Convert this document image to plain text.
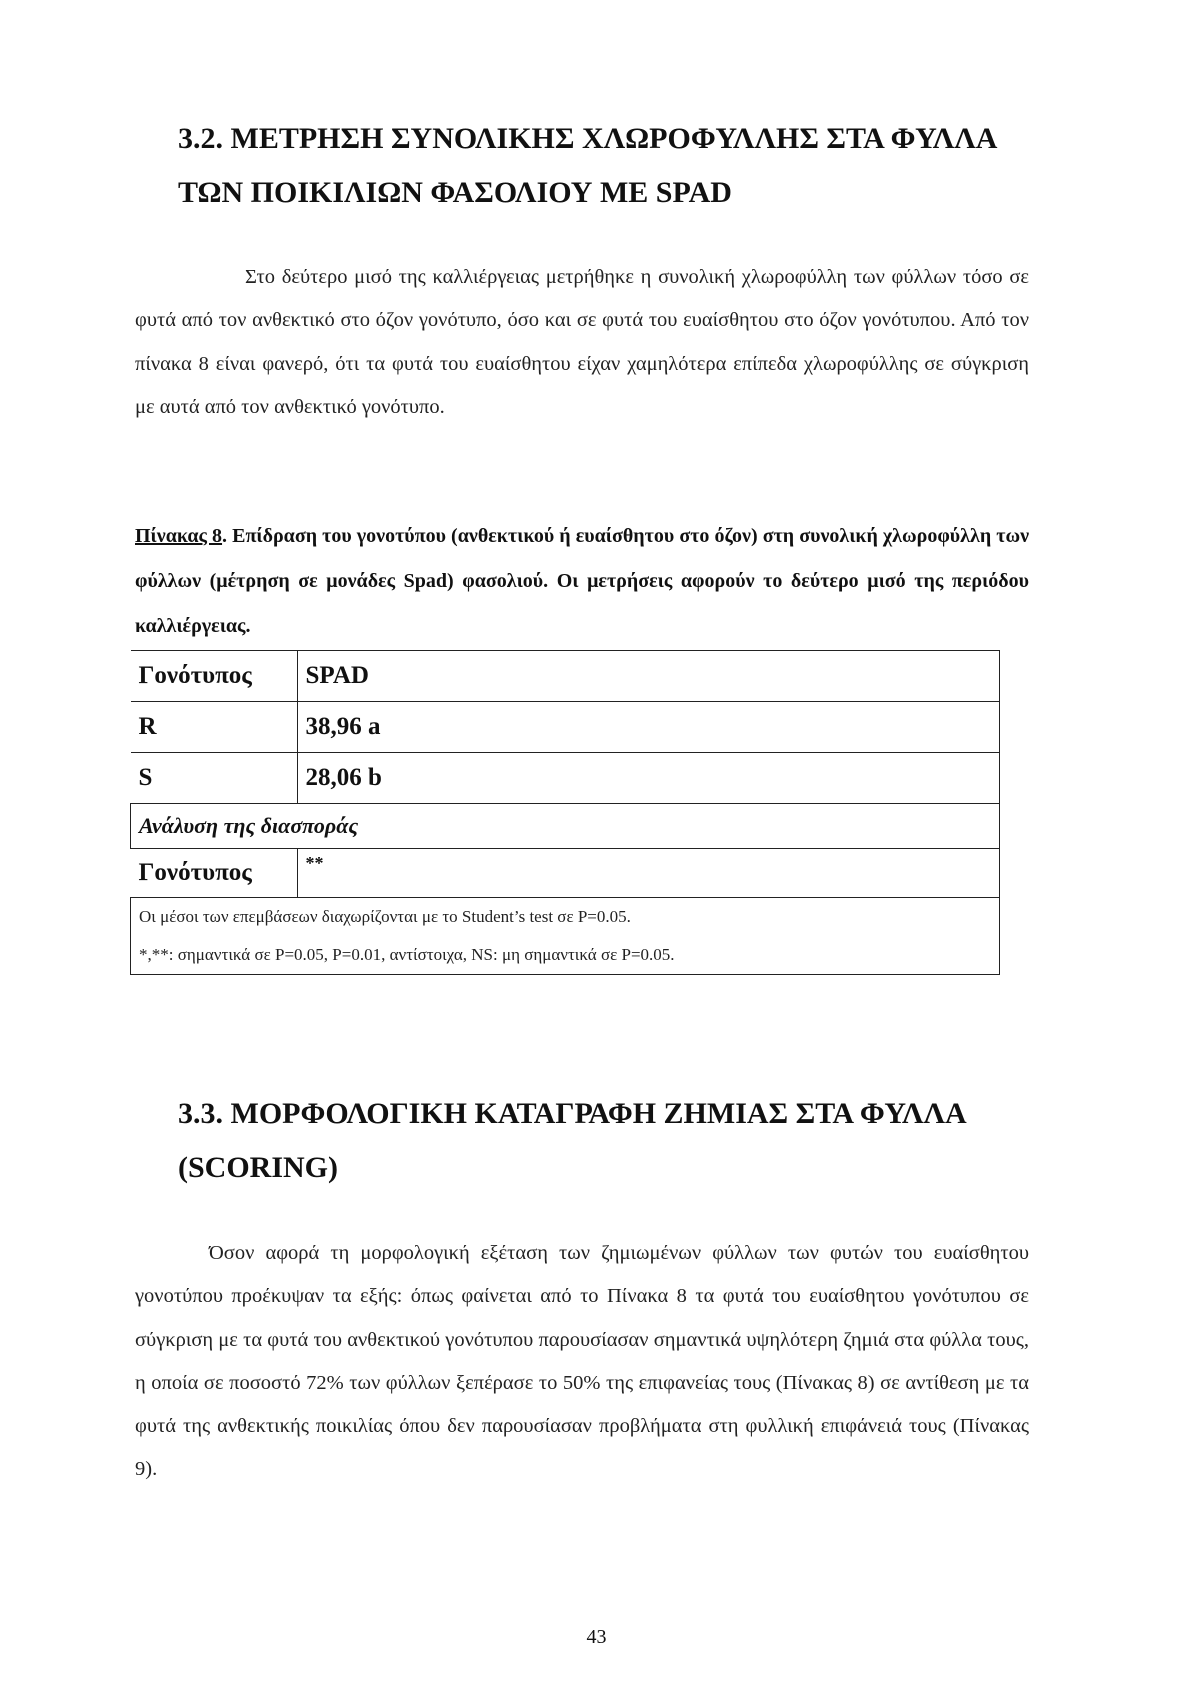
3.2. ΜΕΤΡΗΣΗ ΣΥΝΟΛΙΚΗΣ ΧΛΩΡΟΦΥΛΛΗΣ ΣΤΑ ΦΥΛΛΑ ΤΩΝ ΠΟΙΚΙΛΙΩΝ ΦΑΣΟΛΙΟΥ ΜΕ SPAD

Στο δεύτερο μισό της καλλιέργειας μετρήθηκε η συνολική χλωροφύλλη των φύλλων τόσο σε φυτά από τον ανθεκτικό στο όζον γονότυπο, όσο και σε φυτά του ευαίσθητου στο όζον γονότυπου. Από τον πίνακα 8 είναι φανερό, ότι τα φυτά του ευαίσθητου είχαν χαμηλότερα επίπεδα χλωροφύλλης σε σύγκριση με αυτά από τον ανθεκτικό γονότυπο.

Πίνακας 8. Επίδραση του γονοτύπου (ανθεκτικού ή ευαίσθητου στο όζον) στη συνολική χλωροφύλλη των φύλλων (μέτρηση σε μονάδες Spad) φασολιού. Οι μετρήσεις αφορούν το δεύτερο μισό της περιόδου καλλιέργειας.

Γονότυπος	SPAD
R	38,96 a
S	28,06 b
Ανάλυση της διασποράς	
Γονότυπος	**

Οι μέσοι των επεμβάσεων διαχωρίζονται με το Student’s test σε P=0.05.
*,**: σημαντικά σε P=0.05, P=0.01, αντίστοιχα, NS: μη σημαντικά σε P=0.05.	
3.3. ΜΟΡΦΟΛΟΓΙΚΗ ΚΑΤΑΓΡΑΦΗ ΖΗΜΙΑΣ ΣΤΑ ΦΥΛΛΑ (SCORING)

Όσον αφορά τη μορφολογική εξέταση των ζημιωμένων φύλλων των φυτών του ευαίσθητου γονοτύπου προέκυψαν τα εξής: όπως φαίνεται από το Πίνακα 8 τα φυτά του ευαίσθητου γονότυπου σε σύγκριση με τα φυτά του ανθεκτικού γονότυπου παρουσίασαν σημαντικά υψηλότερη ζημιά στα φύλλα τους, η οποία σε ποσοστό 72% των φύλλων ξεπέρασε το 50% της επιφανείας τους (Πίνακας 8) σε αντίθεση με τα φυτά της ανθεκτικής ποικιλίας όπου δεν παρουσίασαν προβλήματα στη φυλλική επιφάνειά τους (Πίνακας 9).

43
